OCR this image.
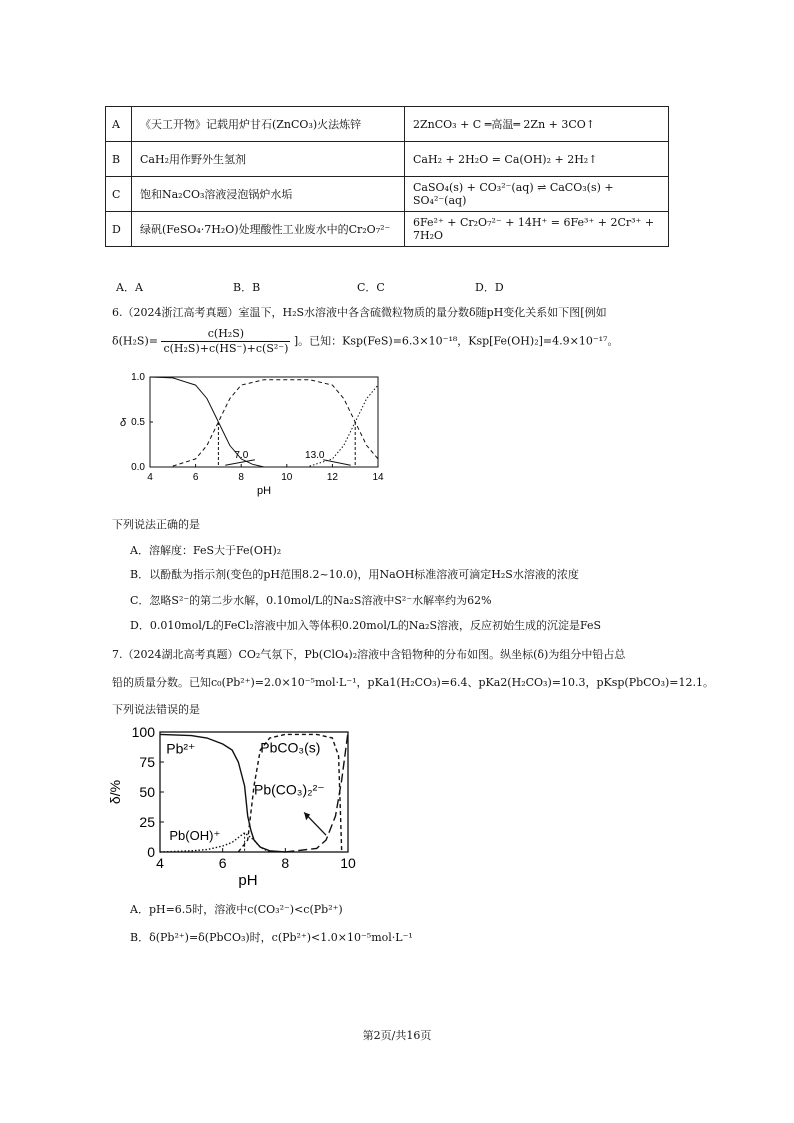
A	《天工开物》记载用炉甘石(ZnCO₃)火法炼锌	2ZnCO₃ + C ═高温═ 2Zn + 3CO↑
B	CaH₂用作野外生氢剂	CaH₂ + 2H₂O = Ca(OH)₂ + 2H₂↑
C	饱和Na₂CO₃溶液浸泡锅炉水垢	CaSO₄(s) + CO₃²⁻(aq) ⇌ CaCO₃(s) + SO₄²⁻(aq)
D	绿矾(FeSO₄·7H₂O)处理酸性工业废水中的Cr₂O₇²⁻	6Fe²⁺ + Cr₂O₇²⁻ + 14H⁺ = 6Fe³⁺ + 2Cr³⁺ + 7H₂O
A．A	B．B	C．C	D．D
6.（2024浙江高考真题）室温下，H₂S水溶液中各含硫微粒物质的量分数δ随pH变化关系如下图[例如
$\delta(H_2S)= \frac{\text{c(H₂S)}}{\text{c(H₂S)+c(HS⁻)+c(S²⁻)}}$ ]。已知：Ksp(FeS)=6.3×10⁻¹⁸，Ksp[Fe(OH)₂]=4.9×10⁻¹⁷。
4	6	8	10	12	14
0.0
0.5
1.0
pH
δ
7.0	13.0
下列说法正确的是
A．溶解度：FeS大于Fe(OH)₂
B．以酚酞为指示剂(变色的pH范围8.2~10.0)，用NaOH标准溶液可滴定H₂S水溶液的浓度
C．忽略S²⁻的第二步水解，0.10mol/L的Na₂S溶液中S²⁻水解率约为62%
D．0.010mol/L的FeCl₂溶液中加入等体积0.20mol/L的Na₂S溶液，反应初始生成的沉淀是FeS
7.（2024湖北高考真题）CO₂气氛下，Pb(ClO₄)₂溶液中含铅物种的分布如图。纵坐标(δ)为组分中铅占总
铅的质量分数。已知c₀(Pb²⁺)=2.0×10⁻⁵mol·L⁻¹，pKa1(H₂CO₃)=6.4、pKa2(H₂CO₃)=10.3，pKsp(PbCO₃)=12.1。
下列说法错误的是
4	6	8	10
0
25
50
75
100
pH
δ/%
Pb²⁺
Pb(OH)⁺
PbCO₃(s)
Pb(CO₃)₂²⁻
A．pH=6.5时，溶液中c(CO₃²⁻)<c(Pb²⁺)
B．δ(Pb²⁺)=δ(PbCO₃)时，c(Pb²⁺)<1.0×10⁻⁵mol·L⁻¹
第2页/共16页
